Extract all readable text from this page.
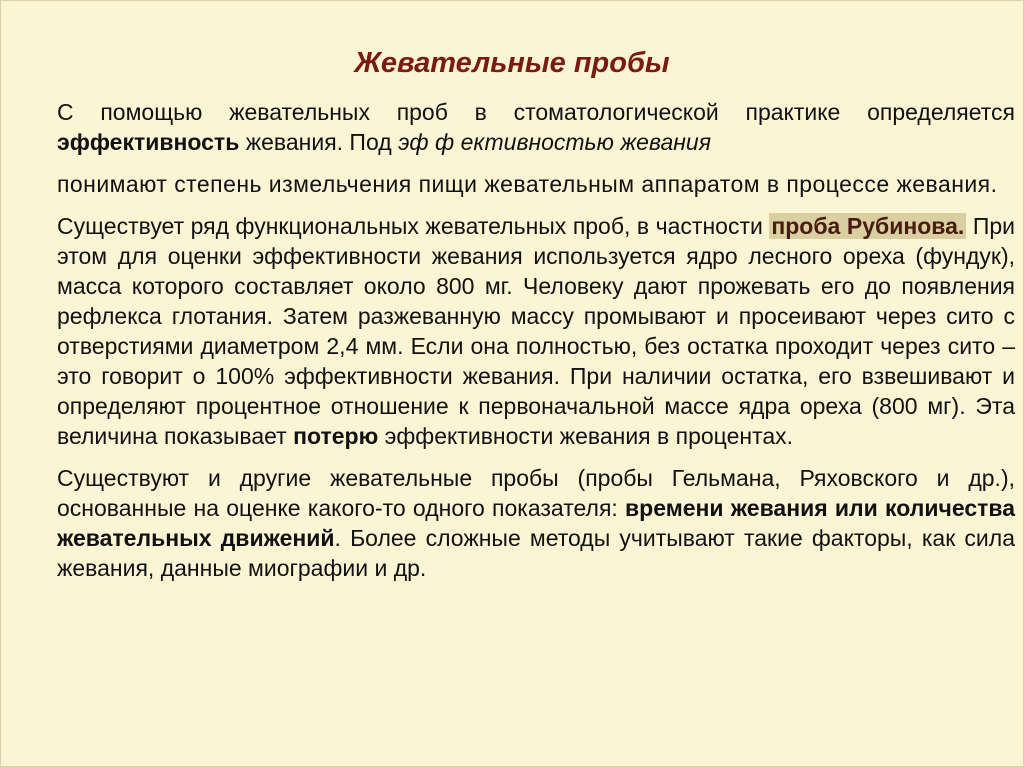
Жевательные пробы

С помощью жевательных проб в стоматологической практике определяется эффективность жевания. Под эф ф ективностью жевания

понимают степень измельчения пищи жевательным аппаратом в процессе жевания.

Существует ряд функциональных жевательных проб, в частности проба Рубинова. При этом для оценки эффективности жевания используется ядро лесного ореха (фундук), масса которого составляет около 800 мг. Человеку дают прожевать его до появления рефлекса глотания. Затем разжеванную массу промывают и просеивают через сито с отверстиями диаметром 2,4 мм. Если она полностью, без остатка проходит через сито – это говорит о 100% эффективности жевания. При наличии остатка, его взвешивают и определяют процентное отношение к первоначальной массе ядра ореха (800 мг). Эта величина показывает потерю эффективности жевания в процентах.

Существуют и другие жевательные пробы (пробы Гельмана, Ряховского и др.), основанные на оценке какого-то одного показателя: времени жевания или количества жевательных движений. Более сложные методы учитывают такие факторы, как сила жевания, данные миографии и др.
